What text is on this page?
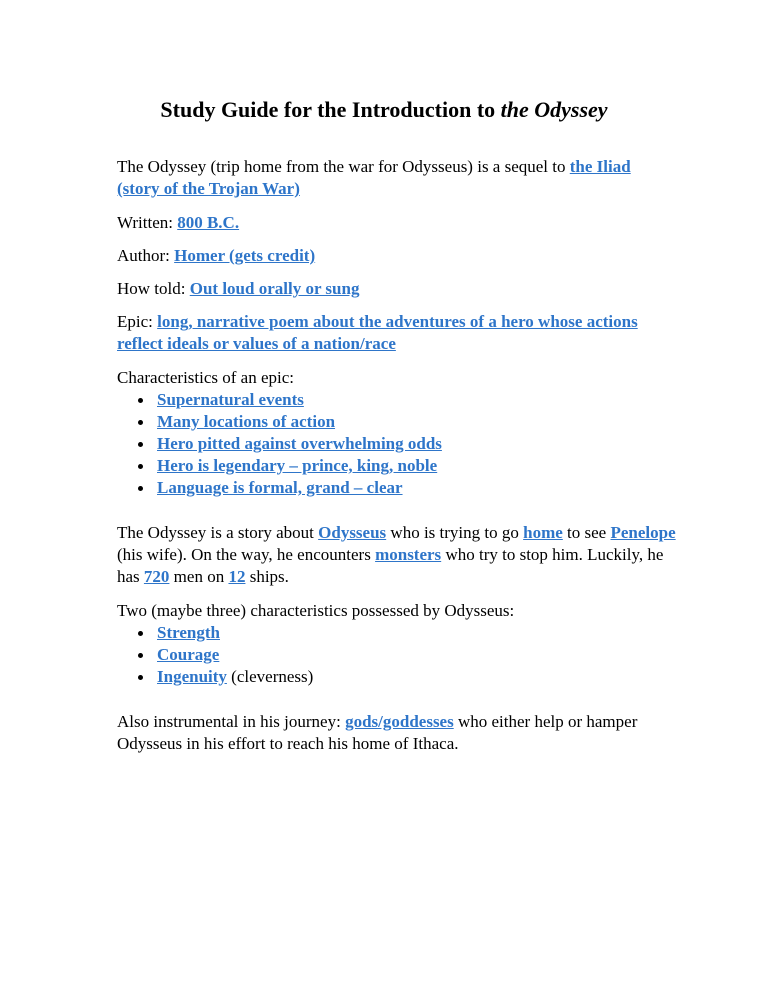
Study Guide for the Introduction to the Odyssey
The Odyssey (trip home from the war for Odysseus) is a sequel to the Iliad (story of the Trojan War)
Written: 800 B.C.
Author: Homer (gets credit)
How told: Out loud orally or sung
Epic: long, narrative poem about the adventures of a hero whose actions reflect ideals or values of a nation/race
Characteristics of an epic:
Supernatural events
Many locations of action
Hero pitted against overwhelming odds
Hero is legendary – prince, king, noble
Language is formal, grand – clear
The Odyssey is a story about Odysseus who is trying to go home to see Penelope (his wife). On the way, he encounters monsters who try to stop him. Luckily, he has 720 men on 12 ships.
Two (maybe three) characteristics possessed by Odysseus:
Strength
Courage
Ingenuity (cleverness)
Also instrumental in his journey: gods/goddesses who either help or hamper Odysseus in his effort to reach his home of Ithaca.
